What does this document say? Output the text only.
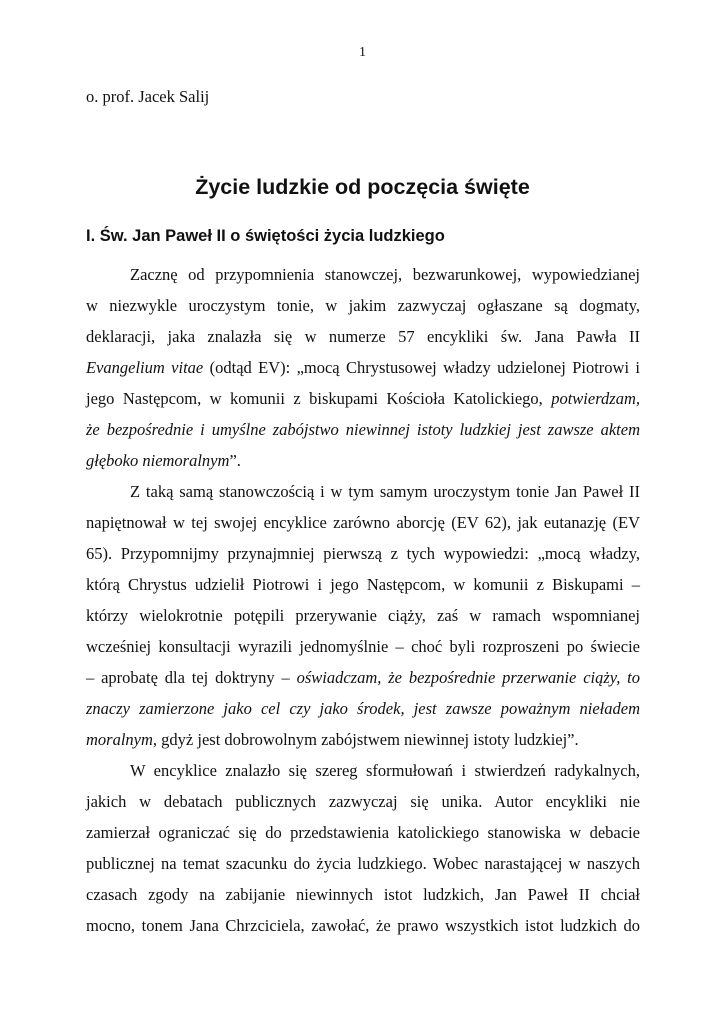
1
o. prof. Jacek Salij
Życie ludzkie od poczęcia święte
I. Św. Jan Paweł II o świętości życia ludzkiego
Zacznę od przypomnienia stanowczej, bezwarunkowej, wypowiedzianej
w niezwykle uroczystym tonie, w jakim zazwyczaj ogłaszane są dogmaty,
deklaracji, jaka znalazła się w numerze 57 encykliki św. Jana Pawła II
Evangelium vitae (odtąd EV): „mocą Chrystusowej władzy udzielonej Piotrowi i
jego Następcom, w komunii z biskupami Kościoła Katolickiego, potwierdzam,
że bezpośrednie i umyślne zabójstwo niewinnej istoty ludzkiej jest zawsze aktem
głęboko niemoralnym”.
Z taką samą stanowczością i w tym samym uroczystym tonie Jan Paweł II
napiętnował w tej swojej encyklice zarówno aborcję (EV 62), jak eutanazję (EV
65). Przypomnijmy przynajmniej pierwszą z tych wypowiedzi: „mocą władzy,
którą Chrystus udzielił Piotrowi i jego Następcom, w komunii z Biskupami –
którzy wielokrotnie potępili przerywanie ciąży, zaś w ramach wspomnianej
wcześniej konsultacji wyrazili jednomyślnie – choć byli rozproszeni po świecie
– aprobatę dla tej doktryny – oświadczam, że bezpośrednie przerwanie ciąży, to
znaczy zamierzone jako cel czy jako środek, jest zawsze poważnym nieładem
moralnym, gdyż jest dobrowolnym zabójstwem niewinnej istoty ludzkiej”.
W encyklice znalazło się szereg sformułowań i stwierdzeń radykalnych,
jakich w debatach publicznych zazwyczaj się unika. Autor encykliki nie
zamierzał ograniczać się do przedstawienia katolickiego stanowiska w debacie
publicznej na temat szacunku do życia ludzkiego. Wobec narastającej w naszych
czasach zgody na zabijanie niewinnych istot ludzkich, Jan Paweł II chciał
mocno, tonem Jana Chrzciciela, zawołać, że prawo wszystkich istot ludzkich do
